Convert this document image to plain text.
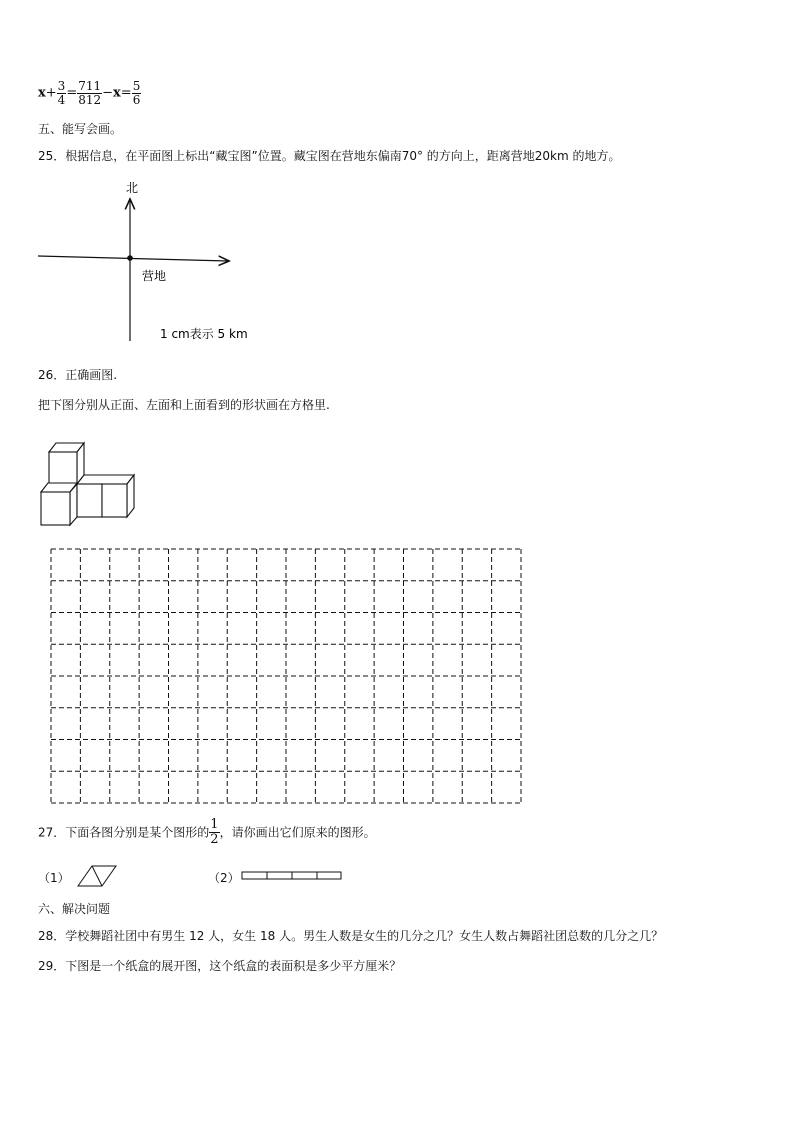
$x+ \frac{3}{4} = \frac{711}{812} -x= \frac{5}{6}$
五、能写会画。
25．根据信息，在平面图上标出“藏宝图”位置。藏宝图在营地东偏南70° 的方向上，距离营地20km 的地方。
北
营地
1 cm表示 5 km
26．正确画图.
把下图分别从正面、左面和上面看到的形状画在方格里.
27．下面各图分别是某个图形的 $\frac{1}{2}$ ，请你画出它们原来的图形。
（1）	（2）
六、解决问题
28．学校舞蹈社团中有男生 12 人，女生 18 人。男生人数是女生的几分之几？女生人数占舞蹈社团总数的几分之几？
29．下图是一个纸盒的展开图，这个纸盒的表面积是多少平方厘米？
